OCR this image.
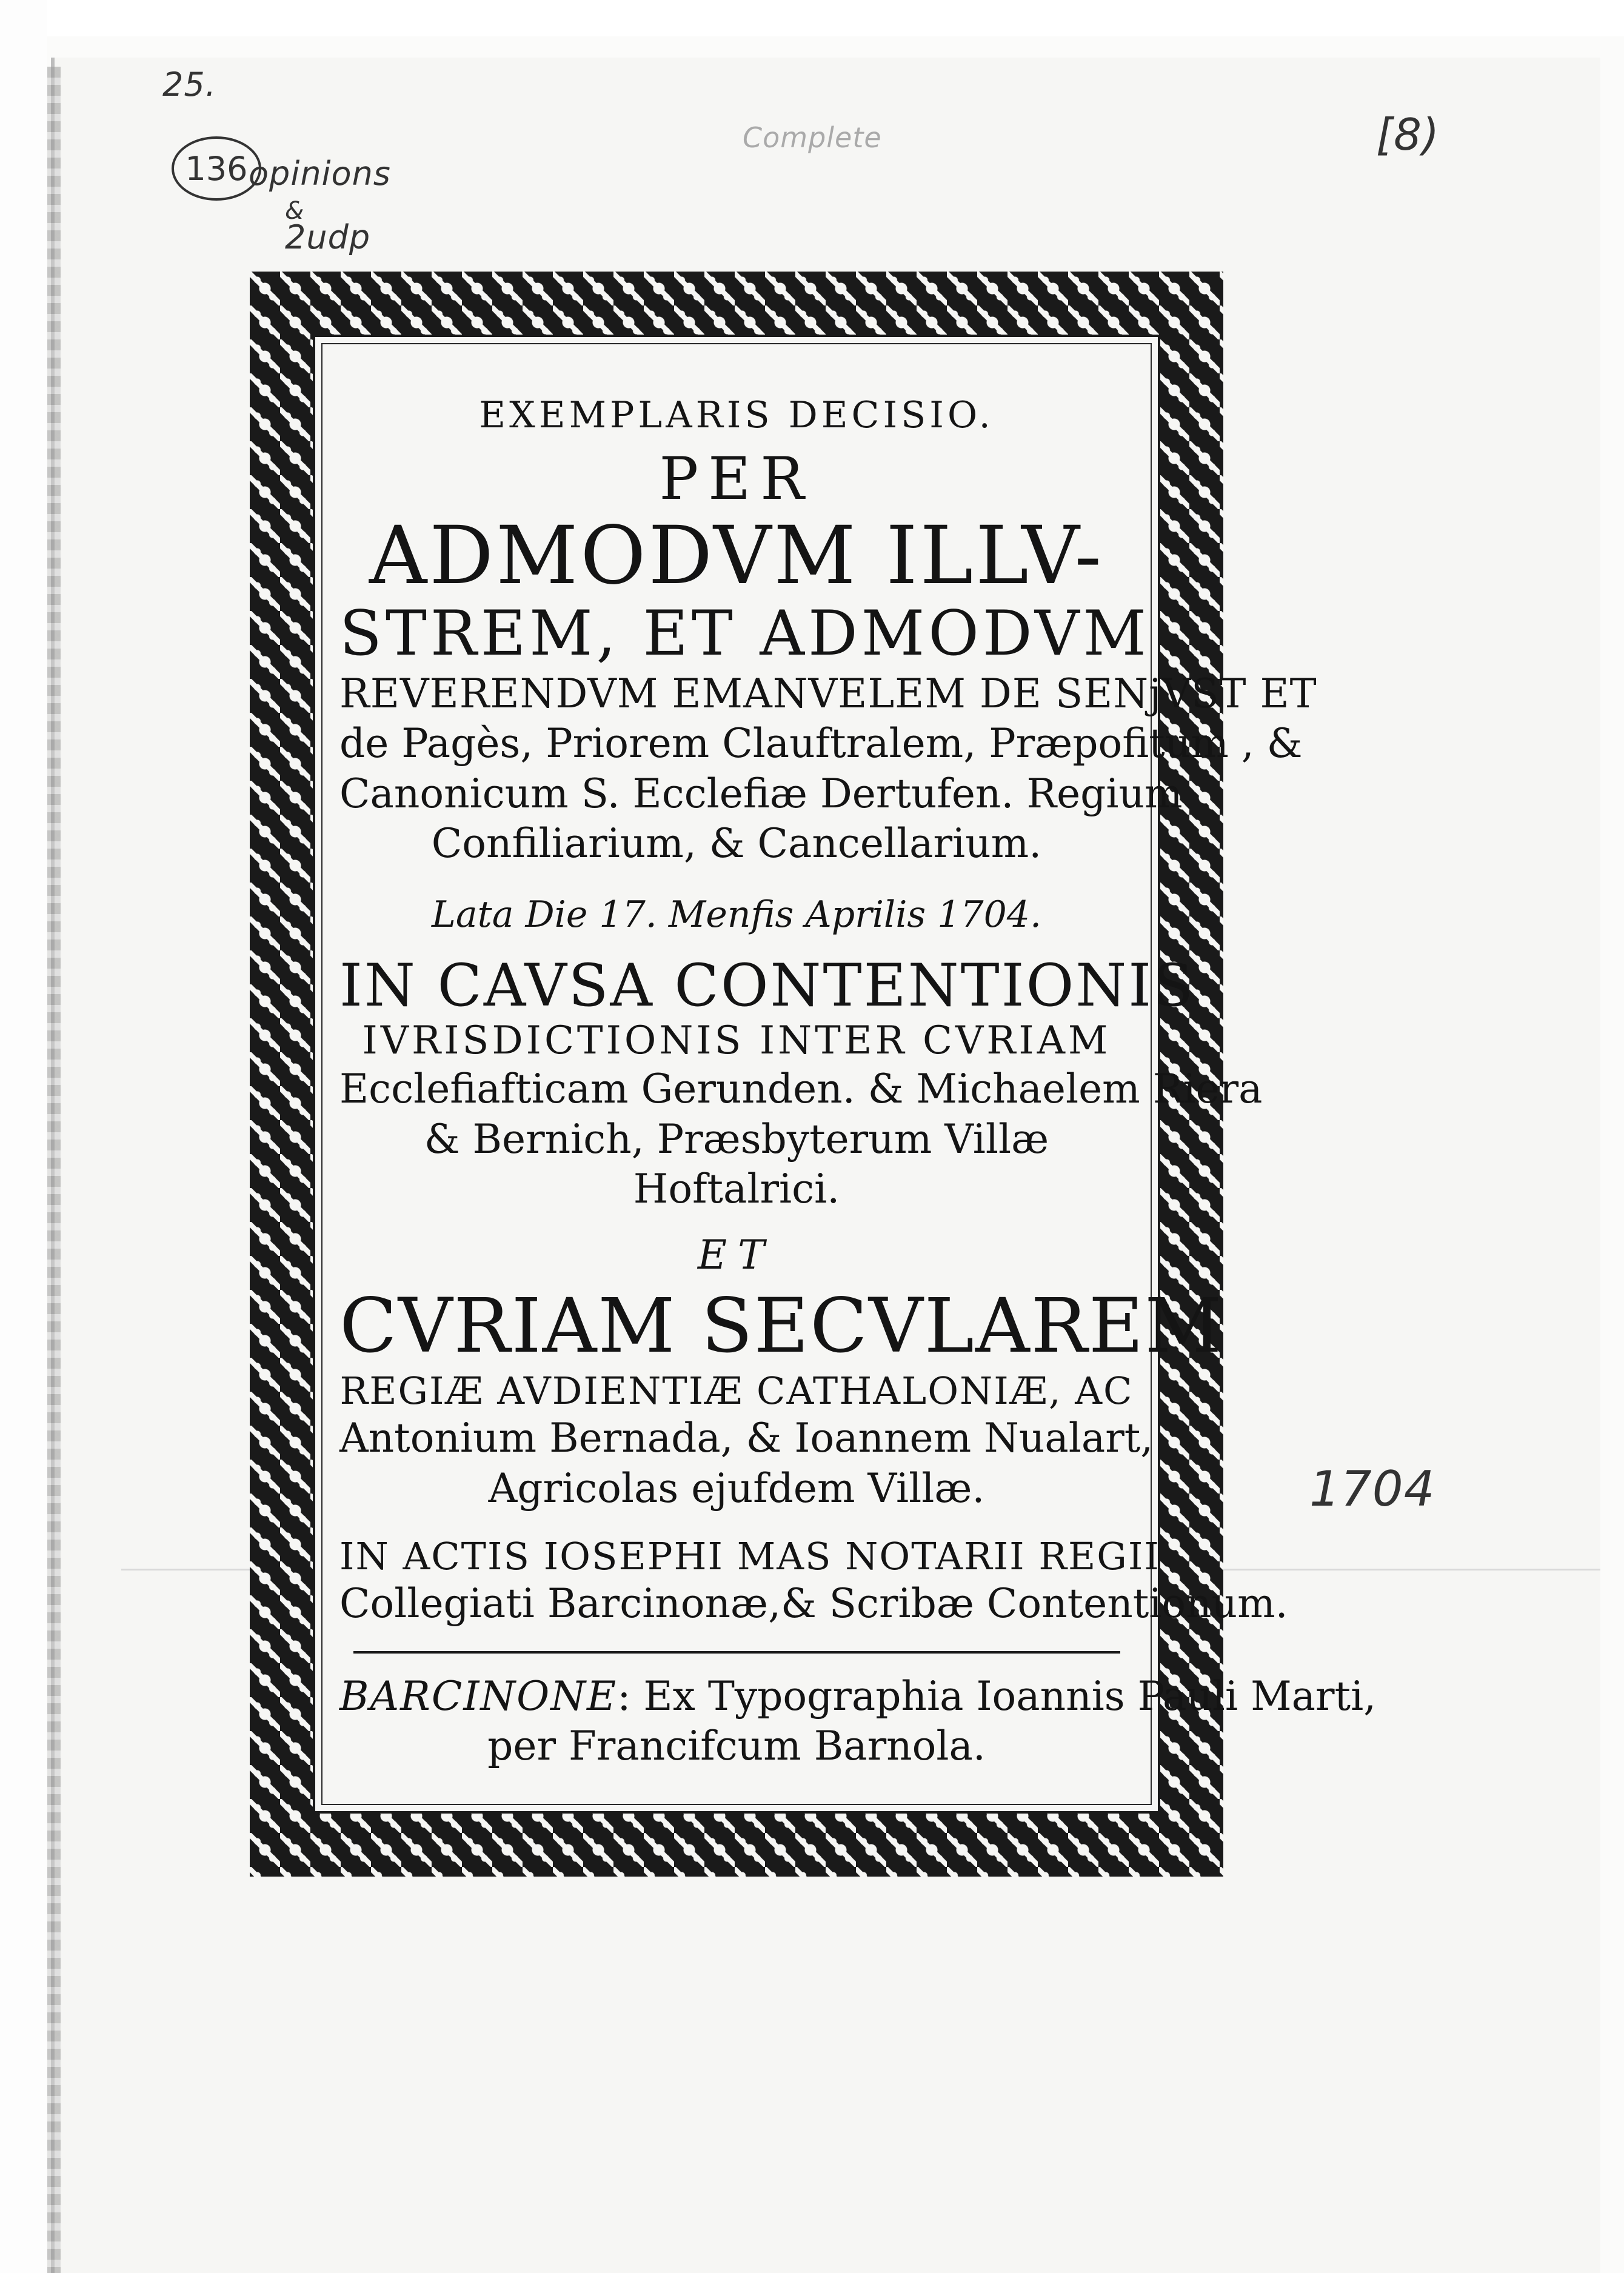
25.
136 opinions
&
2udp
Complete	[8)
1704
EXEMPLARIS DECISIO.
PER
ADMODVM ILLV-
STREM, ET ADMODVM
REVERENDVM EMANVELEM DE SENjVST ET
de Pagès, Priorem Clauftralem, Præpofitum , &
Canonicum S. Ecclefiæ Dertufen. Regium
Confiliarium, & Cancellarium.
Lata Die 17. Menfis Aprilis 1704.
IN CAVSA CONTENTIONIS
IVRISDICTIONIS INTER CVRIAM
Ecclefiafticam Gerunden. & Michaelem Riera
& Bernich, Præsbyterum Villæ
Hoftalrici.
ET
CVRIAM SECVLAREM
REGIÆ AVDIENTIÆ CATHALONIÆ, AC
Antonium Bernada, & Ioannem Nualart,
Agricolas ejufdem Villæ.
IN ACTIS IOSEPHI MAS NOTARII REGII
Collegiati Barcinonæ,& Scribæ Contentionum.
BARCINONE: Ex Typographia Ioannis Pauli Marti,
per Francifcum Barnola.
